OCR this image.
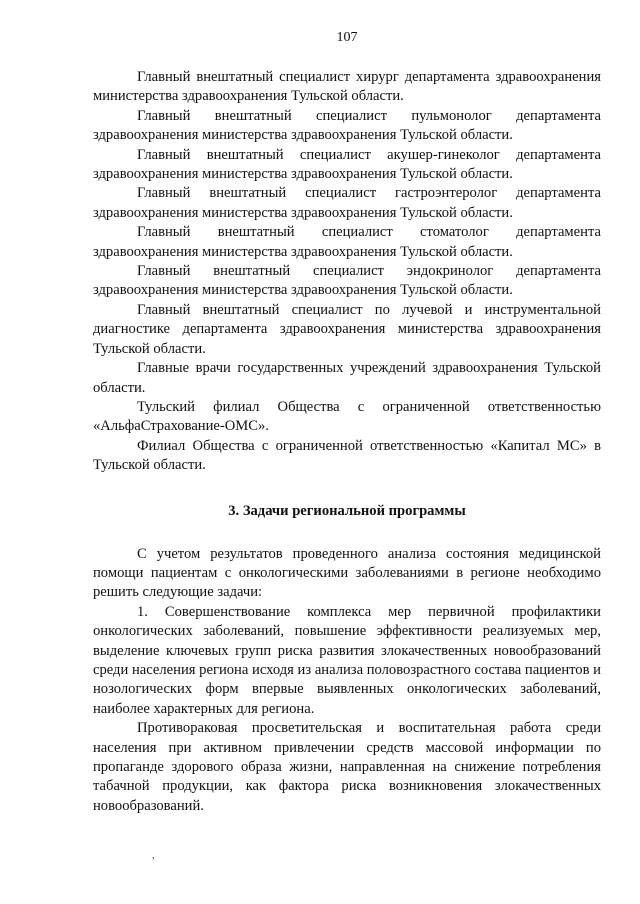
107

Главный внештатный специалист хирург департамента здравоохранения министерства здравоохранения Тульской области.

Главный внештатный специалист пульмонолог департамента здравоохранения министерства здравоохранения Тульской области.

Главный внештатный специалист акушер-гинеколог департамента здравоохранения министерства здравоохранения Тульской области.

Главный внештатный специалист гастроэнтеролог департамента здравоохранения министерства здравоохранения Тульской области.

Главный внештатный специалист стоматолог департамента здравоохранения министерства здравоохранения Тульской области.

Главный внештатный специалист эндокринолог департамента здравоохранения министерства здравоохранения Тульской области.

Главный внештатный специалист по лучевой и инструментальной диагностике департамента здравоохранения министерства здравоохранения Тульской области.

Главные врачи государственных учреждений здравоохранения Тульской области.

Тульский филиал Общества с ограниченной ответственностью «АльфаСтрахование-ОМС».

Филиал Общества с ограниченной ответственностью «Капитал МС» в Тульской области.

3. Задачи региональной программы

С учетом результатов проведенного анализа состояния медицинской помощи пациентам с онкологическими заболеваниями в регионе необходимо решить следующие задачи:

1. Совершенствование комплекса мер первичной профилактики онкологических заболеваний, повышение эффективности реализуемых мер, выделение ключевых групп риска развития злокачественных новообразований среди населения региона исходя из анализа половозрастного состава пациентов и нозологических форм впервые выявленных онкологических заболеваний, наиболее характерных для региона.

Противораковая просветительская и воспитательная работа среди населения при активном привлечении средств массовой информации по пропаганде здорового образа жизни, направленная на снижение потребления табачной продукции, как фактора риска возникновения злокачественных новообразований.

,
